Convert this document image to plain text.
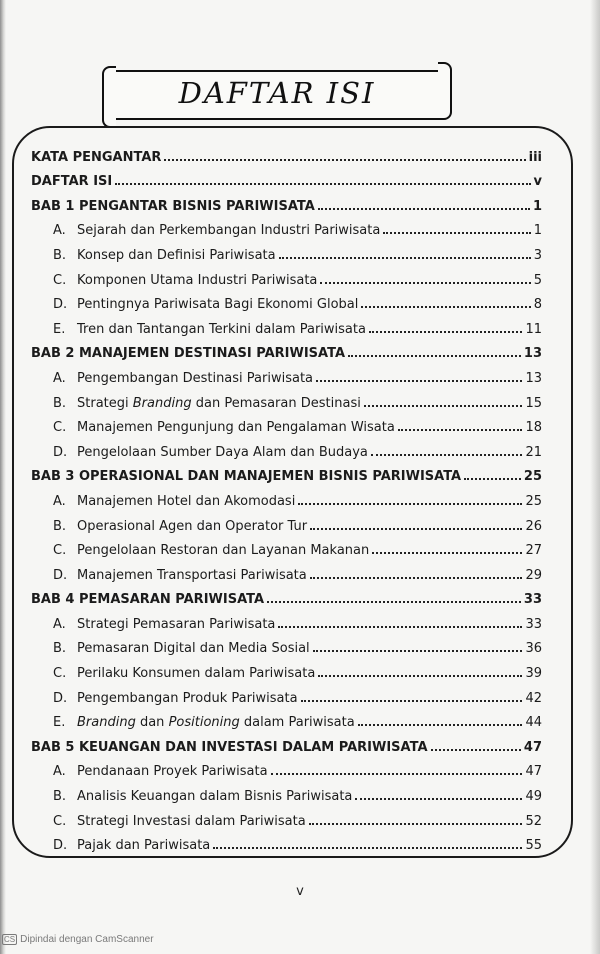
DAFTAR ISI
KATA PENGANTAR	iii
DAFTAR ISI	v
BAB 1 PENGANTAR BISNIS PARIWISATA	1
A. Sejarah dan Perkembangan Industri Pariwisata	1
B. Konsep dan Definisi Pariwisata	3
C. Komponen Utama Industri Pariwisata	5
D. Pentingnya Pariwisata Bagi Ekonomi Global	8
E. Tren dan Tantangan Terkini dalam Pariwisata	11
BAB 2 MANAJEMEN DESTINASI PARIWISATA	13
A. Pengembangan Destinasi Pariwisata	13
B. Strategi Branding dan Pemasaran Destinasi	15
C. Manajemen Pengunjung dan Pengalaman Wisata	18
D. Pengelolaan Sumber Daya Alam dan Budaya	21
BAB 3 OPERASIONAL DAN MANAJEMEN BISNIS PARIWISATA	25
A. Manajemen Hotel dan Akomodasi	25
B. Operasional Agen dan Operator Tur	26
C. Pengelolaan Restoran dan Layanan Makanan	27
D. Manajemen Transportasi Pariwisata	29
BAB 4 PEMASARAN PARIWISATA	33
A. Strategi Pemasaran Pariwisata	33
B. Pemasaran Digital dan Media Sosial	36
C. Perilaku Konsumen dalam Pariwisata	39
D. Pengembangan Produk Pariwisata	42
E. Branding dan Positioning dalam Pariwisata	44
BAB 5 KEUANGAN DAN INVESTASI DALAM PARIWISATA	47
A. Pendanaan Proyek Pariwisata	47
B. Analisis Keuangan dalam Bisnis Pariwisata	49
C. Strategi Investasi dalam Pariwisata	52
D. Pajak dan Pariwisata	55
v
CS Dipindai dengan CamScanner
